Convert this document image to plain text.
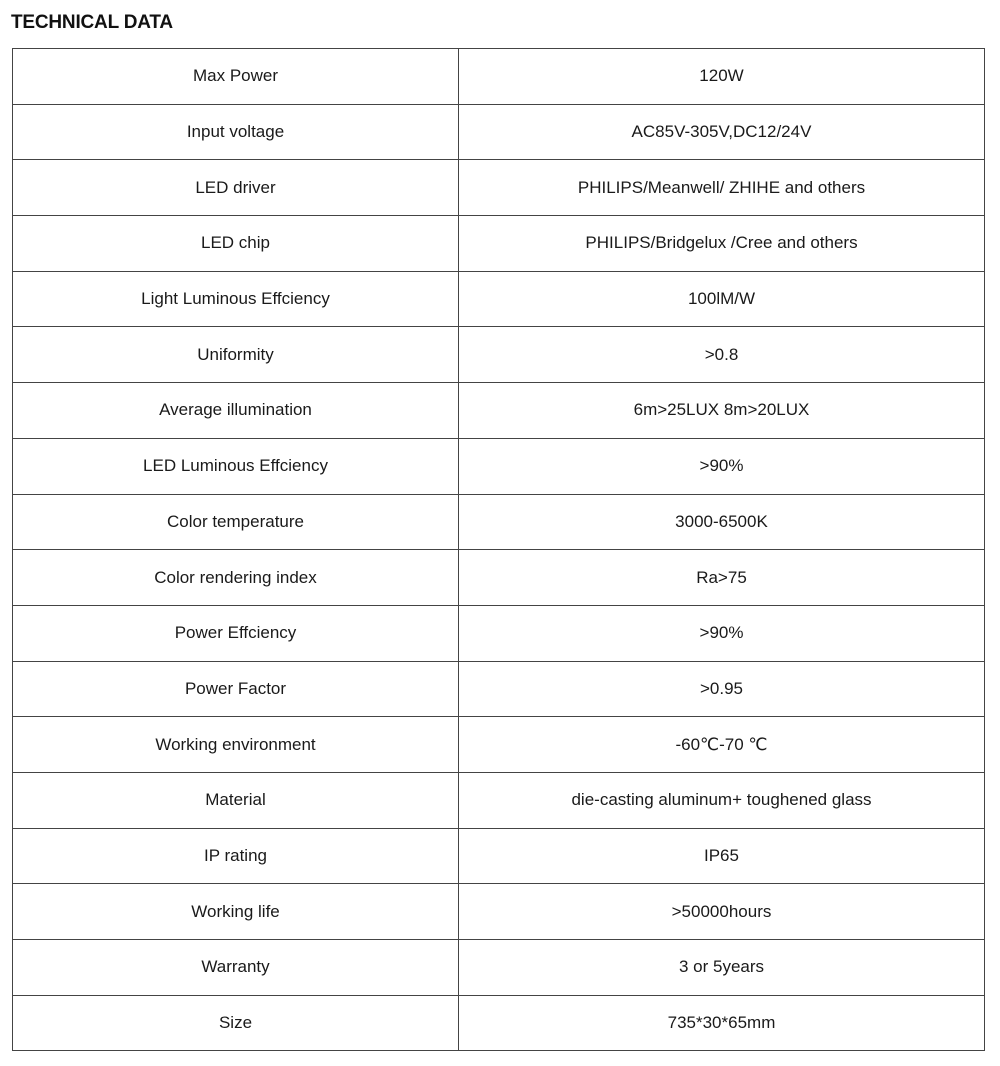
TECHNICAL DATA
Max Power	120W
Input voltage	AC85V-305V,DC12/24V
LED driver	PHILIPS/Meanwell/ ZHIHE and others
LED chip	PHILIPS/Bridgelux /Cree and others
Light Luminous Effciency	100lM/W
Uniformity	>0.8
Average illumination	6m>25LUX 8m>20LUX
LED Luminous Effciency	>90%
Color temperature	3000-6500K
Color rendering index	Ra>75
Power Effciency	>90%
Power Factor	>0.95
Working environment	-60℃-70 ℃
Material	die-casting aluminum+ toughened glass
IP rating	IP65
Working life	>50000hours
Warranty	3 or 5years
Size	735*30*65mm
